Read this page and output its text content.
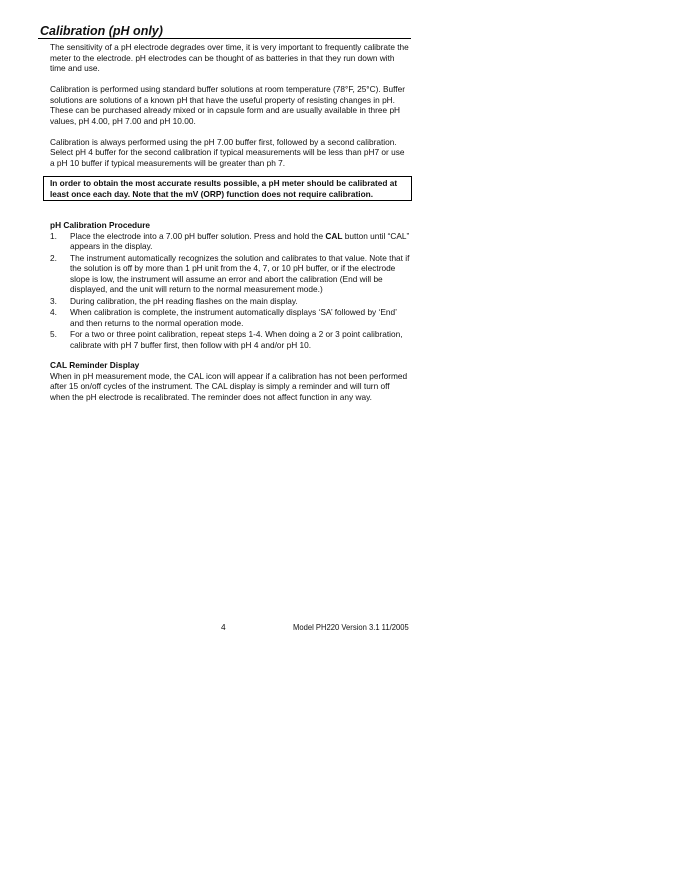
Calibration (pH only)

The sensitivity of a pH electrode degrades over time, it is very important to frequently calibrate the meter to the electrode. pH electrodes can be thought of as batteries in that they run down with time and use.

Calibration is performed using standard buffer solutions at room temperature (78°F, 25°C). Buffer solutions are solutions of a known pH that have the useful property of resisting changes in pH. These can be purchased already mixed or in capsule form and are usually available in three pH values, pH 4.00, pH 7.00 and pH 10.00.

Calibration is always performed using the pH 7.00 buffer first, followed by a second calibration. Select pH 4 buffer for the second calibration if typical measurements will be less than pH7 or use a pH 10 buffer if typical measurements will be greater than ph 7.

In order to obtain the most accurate results possible, a pH meter should be calibrated at least once each day. Note that the mV (ORP) function does not require calibration.
pH Calibration Procedure
1. Place the electrode into a 7.00 pH buffer solution. Press and hold the CAL button until “CAL” appears in the display.
2. The instrument automatically recognizes the solution and calibrates to that value. Note that if the solution is off by more than 1 pH unit from the 4, 7, or 10 pH buffer, or if the electrode slope is low, the instrument will assume an error and abort the calibration (End will be displayed, and the unit will return to the normal measurement mode.)
3. During calibration, the pH reading flashes on the main display.
4. When calibration is complete, the instrument automatically displays ‘SA’ followed by ‘End’ and then returns to the normal operation mode.
5. For a two or three point calibration, repeat steps 1-4. When doing a 2 or 3 point calibration, calibrate with pH 7 buffer first, then follow with pH 4 and/or pH 10.
CAL Reminder Display

When in pH measurement mode, the CAL icon will appear if a calibration has not been performed after 15 on/off cycles of the instrument. The CAL display is simply a reminder and will turn off when the pH electrode is recalibrated. The reminder does not affect function in any way.

4	Model PH220 Version 3.1 11/2005
